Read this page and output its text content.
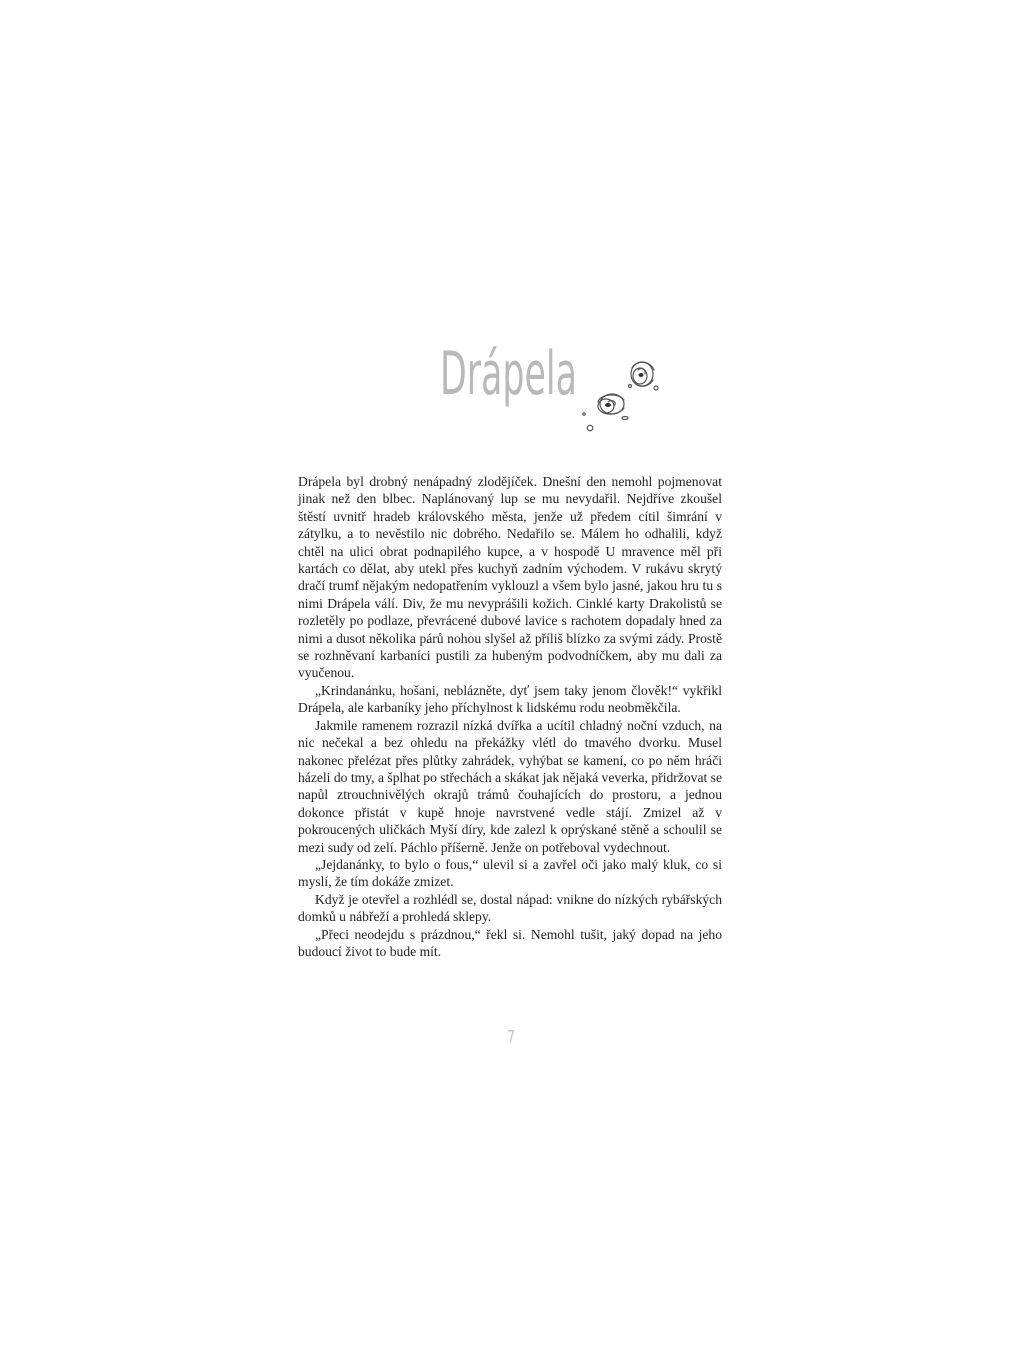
Drápela

Drápela byl drobný nenápadný zlodějíček. Dnešní den nemohl pojmenovat jinak než den blbec. Naplánovaný lup se mu nevydařil. Nejdříve zkoušel štěstí uvnitř hradeb královského města, jenže už předem cítil šimrání v zátylku, a to nevěstilo nic dobrého. Nedařilo se. Málem ho odhalili, když chtěl na ulici obrat podnapilého kupce, a v hospodě U mravence měl při kartách co dělat, aby utekl přes kuchyň zadním východem. V rukávu skrytý dračí trumf nějakým nedopatřením vyklouzl a všem bylo jasné, jakou hru tu s nimi Drápela válí. Div, že mu nevyprášili kožich. Cinklé karty Drakolistů se rozletěly po podlaze, převrácené dubové lavice s rachotem dopadaly hned za nimi a dusot několika párů nohou slyšel až příliš blízko za svými zády. Prostě se rozhněvaní karbaníci pustili za hubeným podvodníčkem, aby mu dali za vyučenou.

„Krindanánku, hošani, neblázněte, dyť jsem taky jenom člověk!“ vykřikl Drápela, ale karbaníky jeho příchylnost k lidskému rodu neobměkčila.

Jakmile ramenem rozrazil nízká dvířka a ucítil chladný noční vzduch, na nic nečekal a bez ohledu na překážky vlétl do tmavého dvorku. Musel nakonec přelézat přes plůtky zahrádek, vyhýbat se kamení, co po něm hráči házeli do tmy, a šplhat po střechách a skákat jak nějaká veverka, přidržovat se napůl ztrouchnivělých okrajů trámů čouhajících do prostoru, a jednou dokonce přistát v kupě hnoje navrstvené vedle stájí. Zmizel až v pokroucených uličkách Myší díry, kde zalezl k oprýskané stěně a schoulil se mezi sudy od zelí. Páchlo příšerně. Jenže on potřeboval vydechnout.

„Jejdanánky, to bylo o fous,“ ulevil si a zavřel oči jako malý kluk, co si myslí, že tím dokáže zmizet.

Když je otevřel a rozhlédl se, dostal nápad: vnikne do nízkých rybářských domků u nábřeží a prohledá sklepy.

„Přeci neodejdu s prázdnou,“ řekl si. Nemohl tušit, jaký dopad na jeho budoucí život to bude mít.

7
